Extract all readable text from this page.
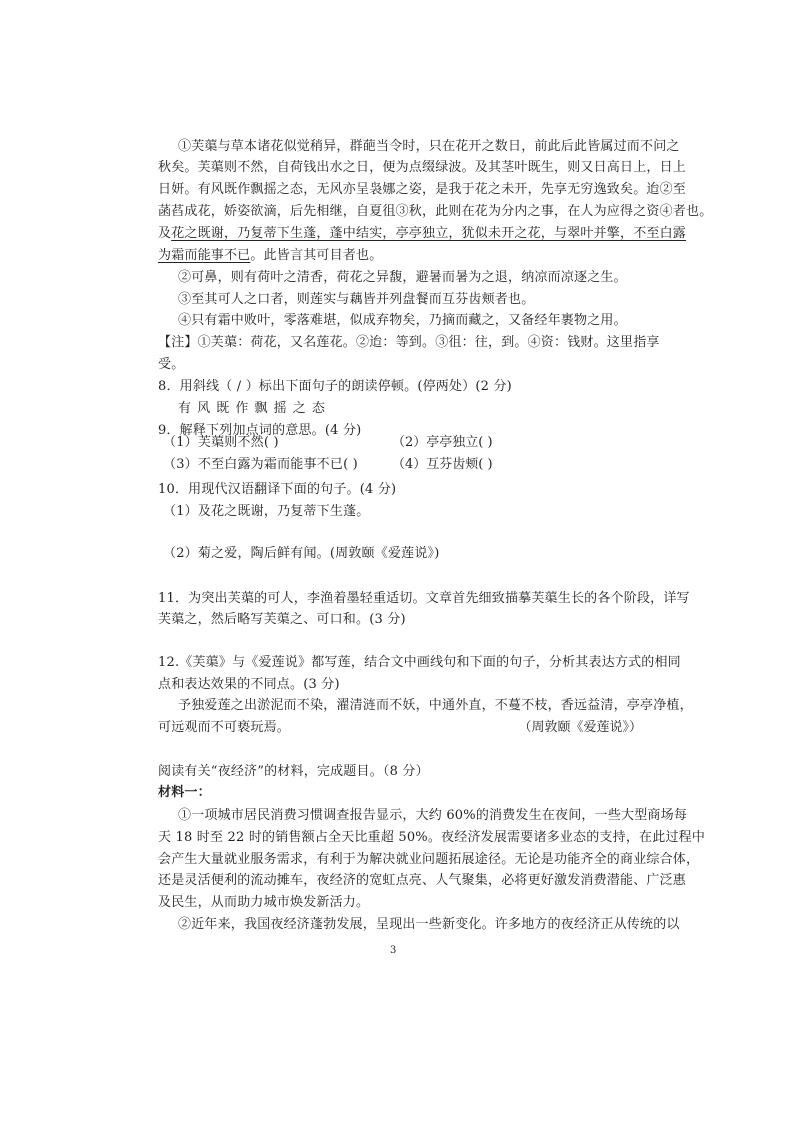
①芙蕖与草本诸花似觉稍异，群葩当令时，只在花开之数日，前此后此皆属过而不问之
秋矣。芙蕖则不然，自荷钱出水之日，便为点缀绿波。及其茎叶既生，则又日高日上，日上
日妍。有风既作飘摇之态，无风亦呈袅娜之姿，是我于花之未开，先享无穷逸致矣。迨②至
菡萏成花，娇姿欲滴，后先相继，自夏徂③秋，此则在花为分内之事，在人为应得之资④者也。
及花之既谢，乃复蒂下生蓬，蓬中结实，亭亭独立，犹似未开之花，与翠叶并擎，不至白露
为霜而能事不已。此皆言其可目者也。
②可鼻，则有荷叶之清香，荷花之异馥，避暑而暑为之退，纳凉而凉逐之生。
③至其可人之口者，则莲实与藕皆并列盘餐而互芬齿颊者也。
④只有霜中败叶，零落难堪，似成弃物矣，乃摘而藏之，又备经年裹物之用。
【注】①芙蕖：荷花，又名莲花。②迨：等到。③徂：往，到。④资：钱财。这里指享
受。
8．用斜线（ / ）标出下面句子的朗读停顿。(停两处）(2 分)
有 风 既 作 飘 摇 之 态
9．解释下列加点词的意思。(4 分)
（1）芙蕖则不然( )	（2）亭亭独立( )
（3）不至白露为霜而能事不已( )	（4）互芬齿颊( )
10．用现代汉语翻译下面的句子。(4 分)
（1）及花之既谢，乃复蒂下生蓬。
（2）菊之爱，陶后鲜有闻。(周敦颐《爱莲说》)
11．为突出芙蕖的可人，李渔着墨轻重适切。文章首先细致描摹芙蕖生长的各个阶段，详写
芙蕖之，然后略写芙蕖之、可口和。(3 分)
12.《芙蕖》与《爱莲说》都写莲，结合文中画线句和下面的句子，分析其表达方式的相同
点和表达效果的不同点。(3 分)
予独爱莲之出淤泥而不染，濯清涟而不妖，中通外直，不蔓不枝，香远益清，亭亭净植，
可远观而不可亵玩焉。	（周敦颐《爱莲说》）
阅读有关“夜经济”的材料，完成题目。（8 分）
材料一：
①一项城市居民消费习惯调查报告显示，大约 60%的消费发生在夜间，一些大型商场每
天 18 时至 22 时的销售额占全天比重超 50%。夜经济发展需要诸多业态的支持，在此过程中
会产生大量就业服务需求，有利于为解决就业问题拓展途径。无论是功能齐全的商业综合体，
还是灵活便利的流动摊车，夜经济的宽虹点亮、人气聚集，必将更好激发消费潜能、广泛惠
及民生，从而助力城市焕发新活力。
②近年来，我国夜经济蓬勃发展，呈现出一些新变化。许多地方的夜经济正从传统的以
3
